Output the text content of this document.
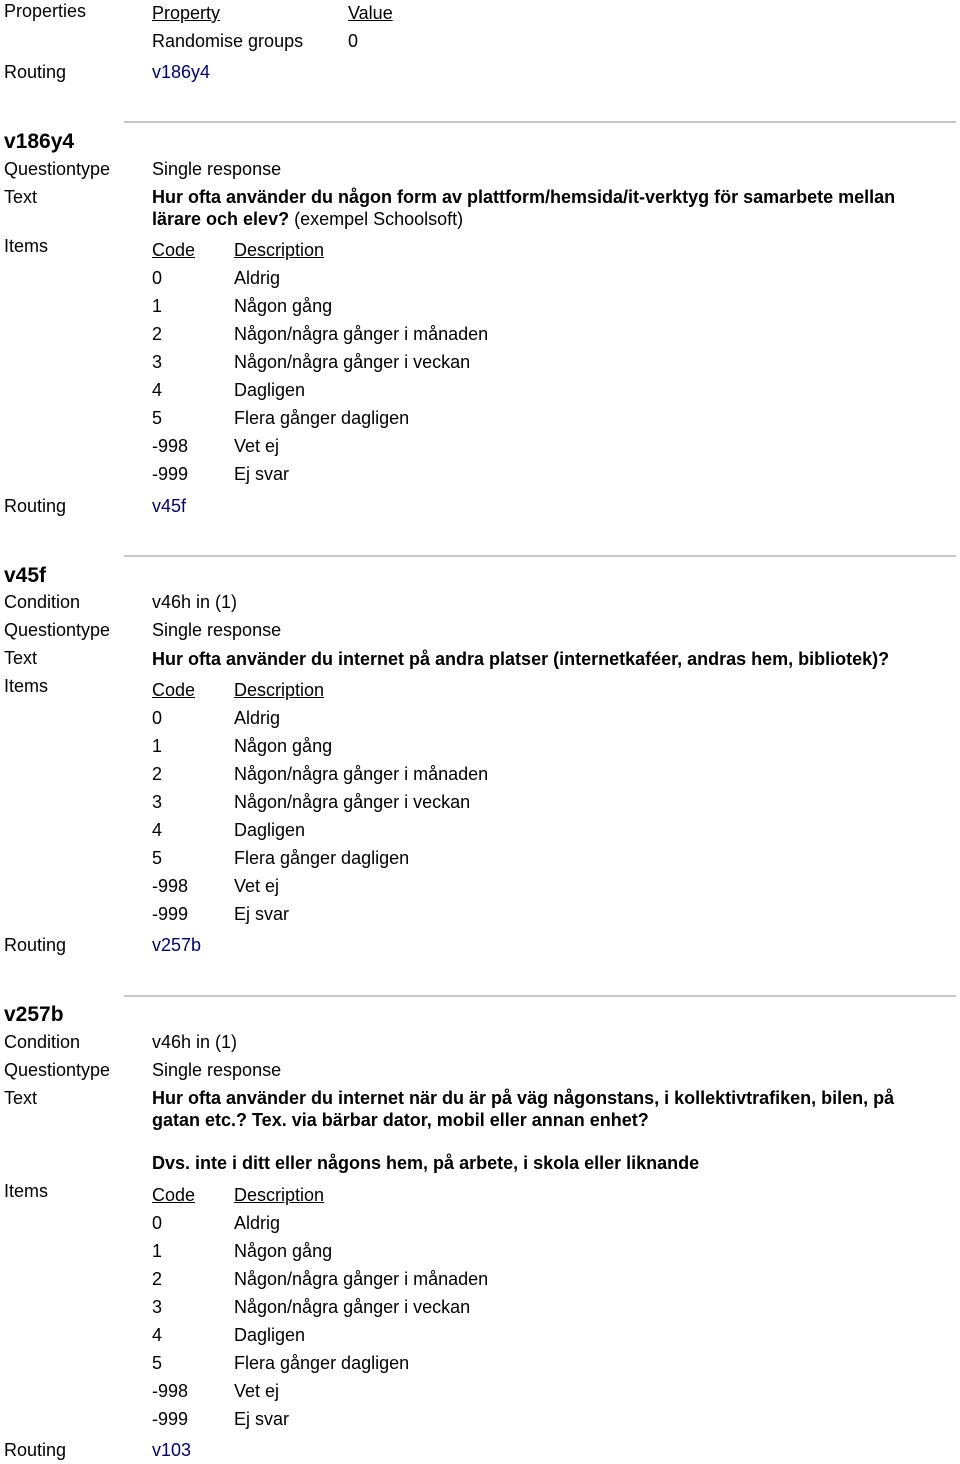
Properties	Property	Value
Randomise groups 0
Routing	v186y4
v186y4
Questiontype Single response
Text	Hur ofta använder du någon form av plattform/hemsida/it-verktyg för samarbete mellan lärare och elev? (exempel Schoolsoft)
Items	Code Description
0	Aldrig
1	Någon gång
2	Någon/några gånger i månaden
3	Någon/några gånger i veckan
4	Dagligen
5	Flera gånger dagligen
-998	Vet ej
-999	Ej svar
Routing	v45f
v45f
Condition	v46h in (1)
Questiontype Single response
Text	Hur ofta använder du internet på andra platser (internetkaféer, andras hem, bibliotek)?
Items	Code Description
0	Aldrig
1	Någon gång
2	Någon/några gånger i månaden
3	Någon/några gånger i veckan
4	Dagligen
5	Flera gånger dagligen
-998	Vet ej
-999	Ej svar
Routing	v257b
v257b
Condition	v46h in (1)
Questiontype Single response
Text	Hur ofta använder du internet när du är på väg någonstans, i kollektivtrafiken, bilen, på gatan etc.? Tex. via bärbar dator, mobil eller annan enhet?
Dvs. inte i ditt eller någons hem, på arbete, i skola eller liknande
Items	Code Description
0	Aldrig
1	Någon gång
2	Någon/några gånger i månaden
3	Någon/några gånger i veckan
4	Dagligen
5	Flera gånger dagligen
-998	Vet ej
-999	Ej svar
Routing	v103
